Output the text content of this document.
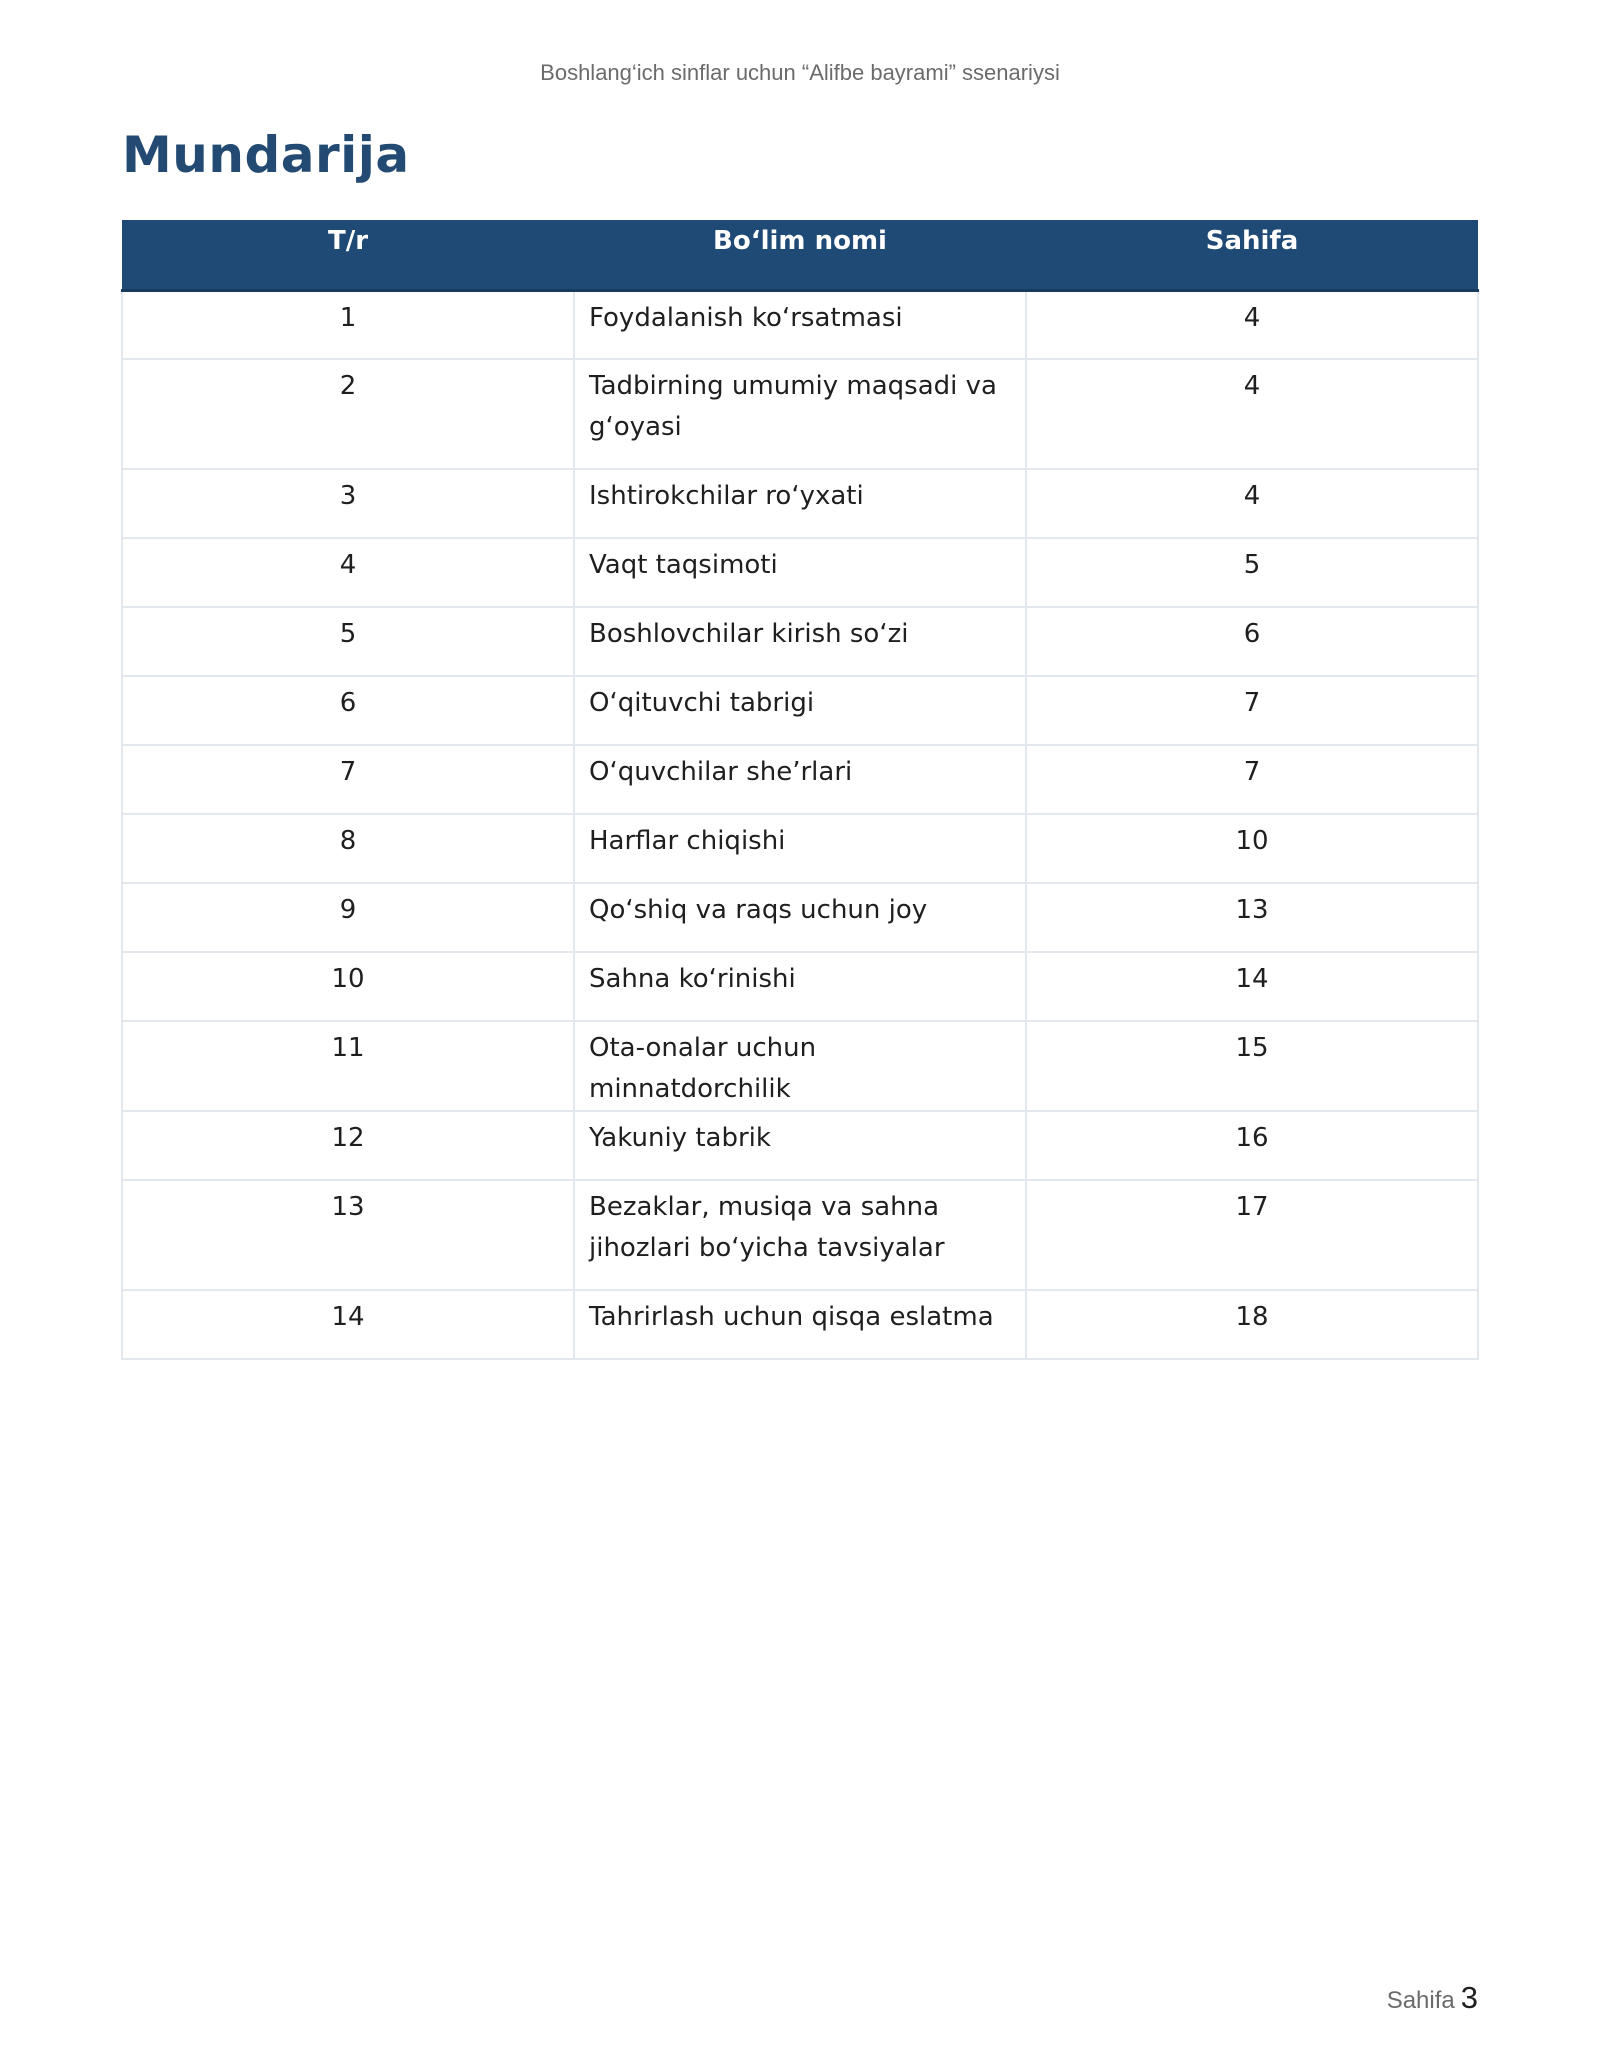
Boshlang‘ich sinflar uchun “Alifbe bayrami” ssenariysi
Mundarija
T/r	Bo‘lim nomi	Sahifa
1	Foydalanish ko‘rsatmasi	4
2	Tadbirning umumiy maqsadi va g‘oyasi	4
3	Ishtirokchilar ro‘yxati	4
4	Vaqt taqsimoti	5
5	Boshlovchilar kirish so‘zi	6
6	O‘qituvchi tabrigi	7
7	O‘quvchilar she’rlari	7
8	Harflar chiqishi	10
9	Qo‘shiq va raqs uchun joy	13
10	Sahna ko‘rinishi	14
11	Ota-onalar uchun minnatdorchilik	15
12	Yakuniy tabrik	16
13	Bezaklar, musiqa va sahna jihozlari bo‘yicha tavsiyalar	17
14	Tahrirlash uchun qisqa eslatma	18
Sahifa 3
